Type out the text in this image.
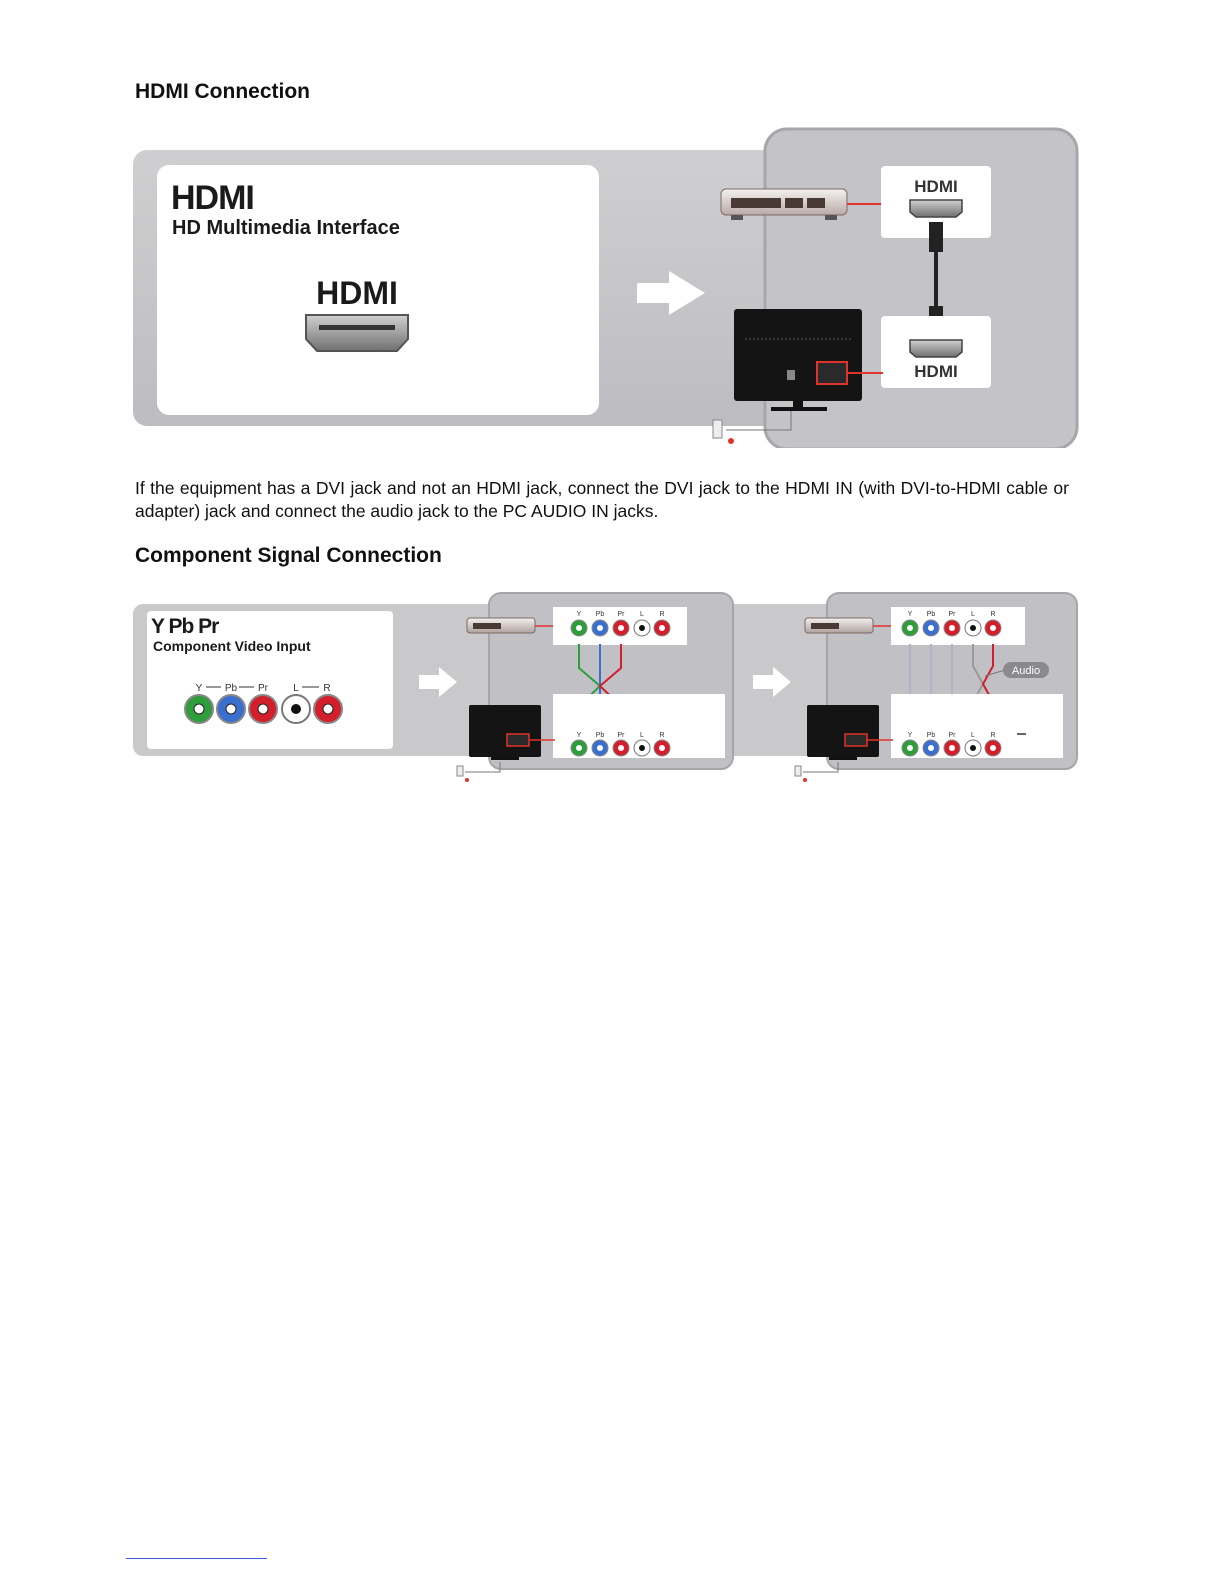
HDMI Connection
HDMI
HD Multimedia Interface
HDMI
HDMI
HDMI

If the equipment has a DVI jack and not an HDMI jack, connect the DVI jack to the HDMI IN (with DVI-to-HDMI cable or adapter) jack and connect the audio jack to the PC AUDIO IN jacks.

Component Signal Connection
Y Pb Pr
Component Video Input
Y Pb Pr	L R
Y Pb Pr L R
Y Pb Pr L R
Y Pb Pr L R
Audio
Y Pb Pr L R
